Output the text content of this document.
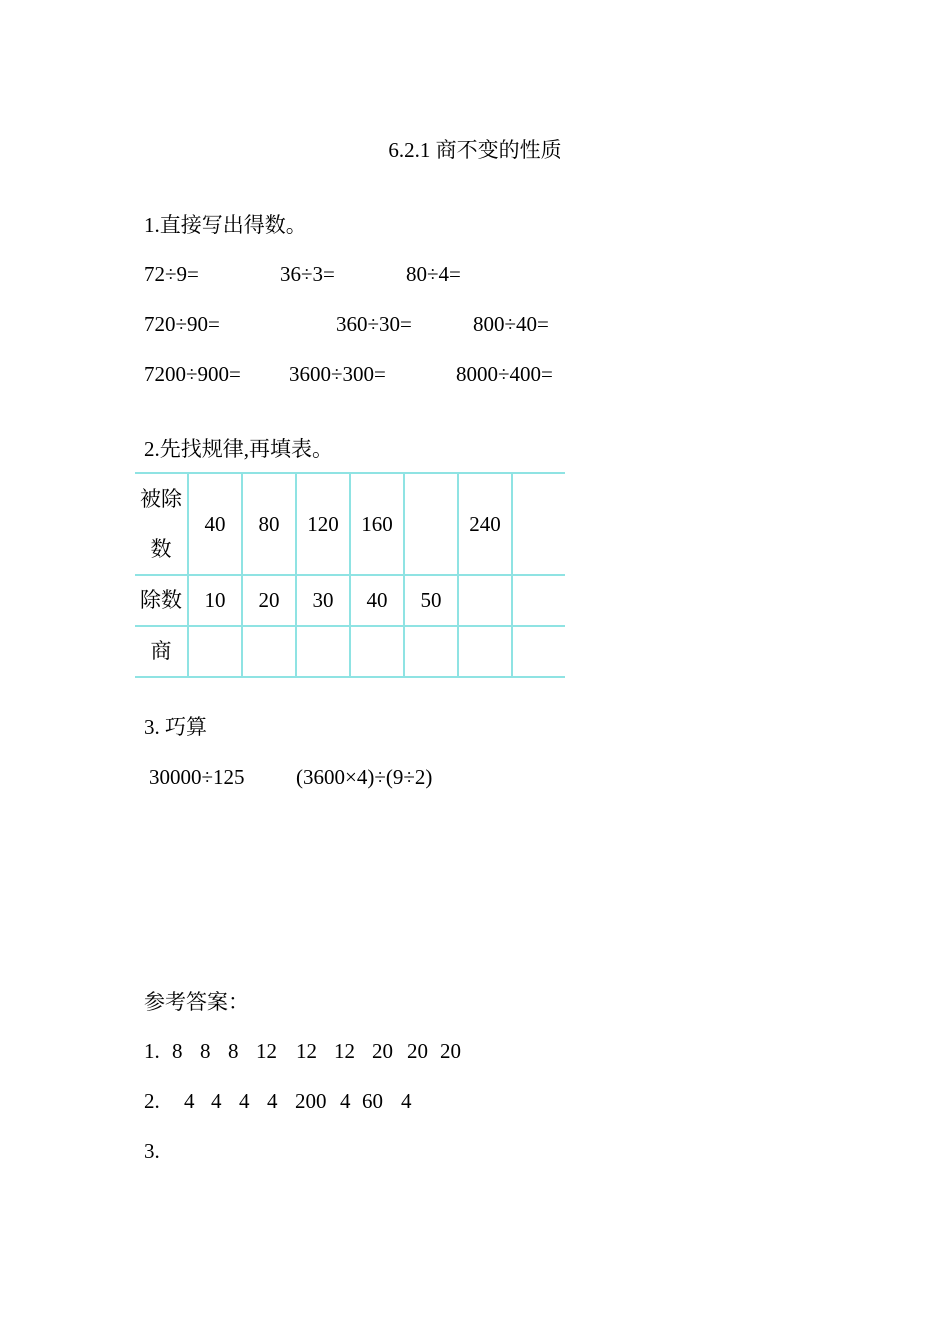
6.2.1 商不变的性质
1.直接写出得数。
72÷9=	36÷3=	80÷4=
720÷90=	360÷30=	800÷40=
7200÷900= 3600÷300=	8000÷400=
2.先找规律,再填表。
被除
数	40	80	120	160		240	
除数	10	20	30	40	50		
商							
3. 巧算
30000÷125 (3600×4)÷(9÷2)
参考答案：
1. 8 8 8 12 12 12 20 20 20
2. 4 4 4 4 200 4 60 4
3.
